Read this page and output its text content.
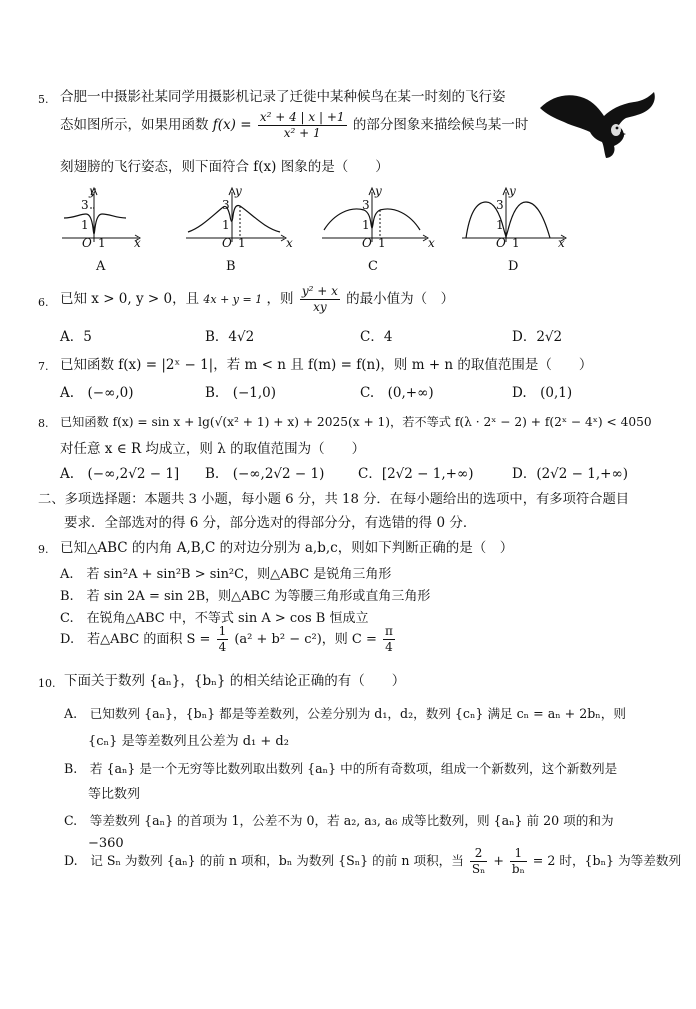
5. 合肥一中摄影社某同学用摄影机记录了迁徙中某种候鸟在某一时刻的飞行姿
态如图所示，如果用函数 $f(x) = \frac{\text{x² + 4 | x | +1}}{\text{x² + 1}}$ 的部分图象来描绘候鸟某一时
刻翅膀的飞行姿态，则下面符合 f(x) 图象的是（　　）
y
3
1
O 1 x
A
y
3
1
O 1	x
B
y
3
1
O 1	x
C
y
3
1
O 1	x
D
6. 已知 x > 0, y > 0，且 4x + y = 1 ，则 $\frac{\text{y² + x}}{xy}$ 的最小值为（　）
A．5	B．4√2	C．4	D．2√2
7. 已知函数 f(x) = |2ˣ − 1|，若 m < n 且 f(m) = f(n)，则 m + n 的取值范围是（　　）
A.　(−∞,0)	B.　(−1,0)	C.　(0,+∞)	D.　(0,1)
8. 已知函数 f(x) = sin x + lg(√(x² + 1) + x) + 2025(x + 1)，若不等式 f(λ · 2ˣ − 2) + f(2ˣ − 4ˣ) < 4050
对任意 x ∈ R 均成立，则 λ 的取值范围为（　　）
A.　(−∞,2√2 − 1] B.　(−∞,2√2 − 1) C．[2√2 − 1,+∞)	D．(2√2 − 1,+∞)
二、多项选择题：本题共 3 小题，每小题 6 分，共 18 分．在每小题给出的选项中，有多项符合题目
要求．全部选对的得 6 分，部分选对的得部分分，有选错的得 0 分．
9. 已知△ABC 的内角 A,B,C 的对边分别为 a,b,c，则如下判断正确的是（　）
A.　若 sin²A + sin²B > sin²C，则△ABC 是锐角三角形
B.　若 sin 2A = sin 2B，则△ABC 为等腰三角形或直角三角形
C.　在锐角△ABC 中，不等式 sin A > cos B 恒成立
D.　若△ABC 的面积 $S = \frac{1}{4} (a^2 + b^2 - c^2)$，则 $C = \frac{\pi}{4}$
10. 下面关于数列 {aₙ}，{bₙ} 的相关结论正确的有（　　）
A.　已知数列 {aₙ}，{bₙ} 都是等差数列，公差分别为 d₁，d₂，数列 {cₙ} 满足 cₙ = aₙ + 2bₙ，则
{cₙ} 是等差数列且公差为 d₁ + d₂
B.　若 {aₙ} 是一个无穷等比数列取出数列 {aₙ} 中的所有奇数项，组成一个新数列，这个新数列是
等比数列
C.　等差数列 {aₙ} 的首项为 1，公差不为 0，若 a₂, a₃, a₆ 成等比数列，则 {aₙ} 前 20 项的和为
−360
D.　记 Sₙ 为数列 {aₙ} 的前 n 项和，bₙ 为数列 {Sₙ} 的前 n 项积，当 $\frac{2}{\text{Sₙ}} + \frac{1}{\text{bₙ}} = 2$ 时，{bₙ} 为等差数列
